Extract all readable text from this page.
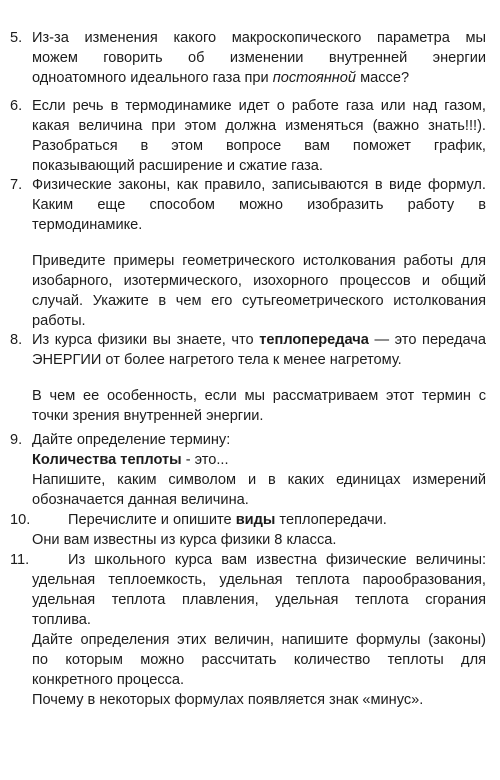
5. Из-за изменения какого макроскопического параметра мы
можем говорить об изменении внутренней энергии
одноатомного идеального газа при постоянной массе?
6. Если речь в термодинамике идет о работе газа или над газом,
какая величина при этом должна изменяться (важно знать!!!).
Разобраться в этом вопросе вам поможет график,
показывающий расширение и сжатие газа.
7. Физические законы, как правило, записываются в виде формул.
Каким еще способом можно изобразить работу в
термодинамике.
Приведите примеры геометрического истолкования работы для
изобарного, изотермического, изохорного процессов и общий
случай. Укажите в чем его сутьгеометрического истолкования
работы.
8. Из курса физики вы знаете, что теплопередача — это передача
ЭНЕРГИИ от более нагретого тела к менее нагретому.
В чем ее особенность, если мы рассматриваем этот термин с
точки зрения внутренней энергии.
9. Дайте определение термину:
Количества теплоты - это...
Напишите, каким символом и в каких единицах измерений
обозначается данная величина.
10.	Перечислите и опишите виды теплопередачи.
Они вам известны из курса физики 8 класса.
11.	Из школьного курса вам известна физические величины:
удельная теплоемкость, удельная теплота парообразования,
удельная теплота плавления, удельная теплота сгорания
топлива.
Дайте определения этих величин, напишите формулы (законы)
по которым можно рассчитать количество теплоты для
конкретного процесса.
Почему в некоторых формулах появляется знак «минус».
